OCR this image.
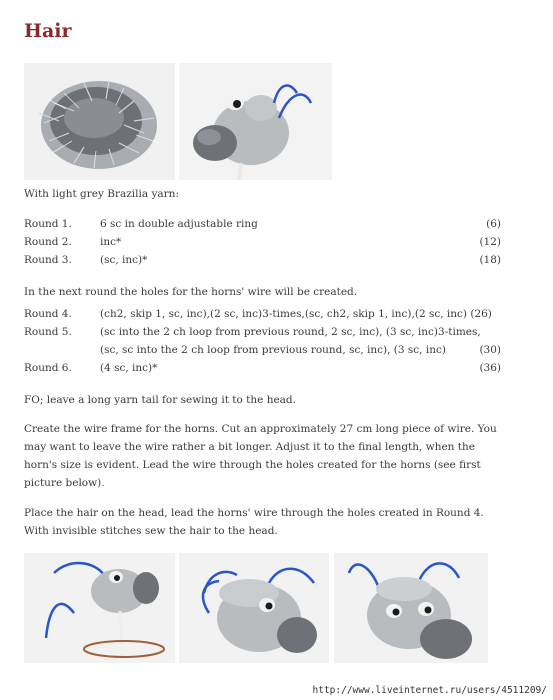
Hair

With light grey Brazilia yarn:

Round 1.	6 sc in double adjustable ring	(6)
Round 2.	inc*	(12)
Round 3.	(sc, inc)*	(18)

In the next round the holes for the horns' wire will be created.

Round 4.	(ch2, skip 1, sc, inc),(2 sc, inc)3-times,(sc, ch2, skip 1, inc),(2 sc, inc) (26)
Round 5.	(sc into the 2 ch loop from previous round, 2 sc, inc), (3 sc, inc)3-times,
(sc, sc into the 2 ch loop from previous round, sc, inc), (3 sc, inc)	(30)
Round 6.	(4 sc, inc)*	(36)

FO; leave a long yarn tail for sewing it to the head.

Create the wire frame for the horns. Cut an approximately 27 cm long piece of wire. You may want to leave the wire rather a bit longer. Adjust it to the final length, when the horn's size is evident. Lead the wire through the holes created for the horns (see first picture below).

Place the hair on the head, lead the horns' wire through the holes created in Round 4. With invisible stitches sew the hair to the head.

http://www.liveinternet.ru/users/4511209/
